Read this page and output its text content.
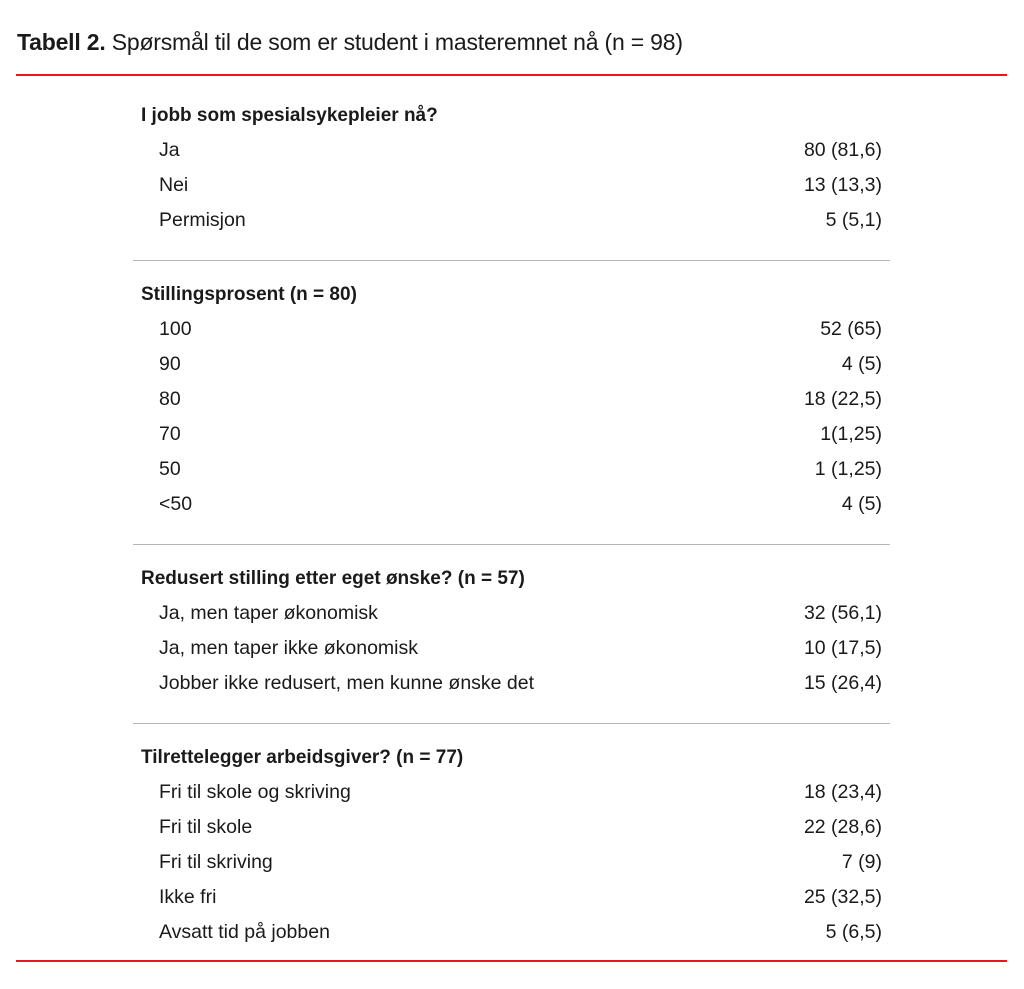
Tabell 2. Spørsmål til de som er student i masteremnet nå (n = 98)
I jobb som spesialsykepleier nå?
Ja	80 (81,6)
Nei	13 (13,3)
Permisjon	5 (5,1)
Stillingsprosent (n = 80)
100	52 (65)
90	4 (5)
80	18 (22,5)
70	1(1,25)
50	1 (1,25)
<50	4 (5)
Redusert stilling etter eget ønske? (n = 57)
Ja, men taper økonomisk	32 (56,1)
Ja, men taper ikke økonomisk	10 (17,5)
Jobber ikke redusert, men kunne ønske det	15 (26,4)
Tilrettelegger arbeidsgiver? (n = 77)
Fri til skole og skriving	18 (23,4)
Fri til skole	22 (28,6)
Fri til skriving	7 (9)
Ikke fri	25 (32,5)
Avsatt tid på jobben	5 (6,5)
